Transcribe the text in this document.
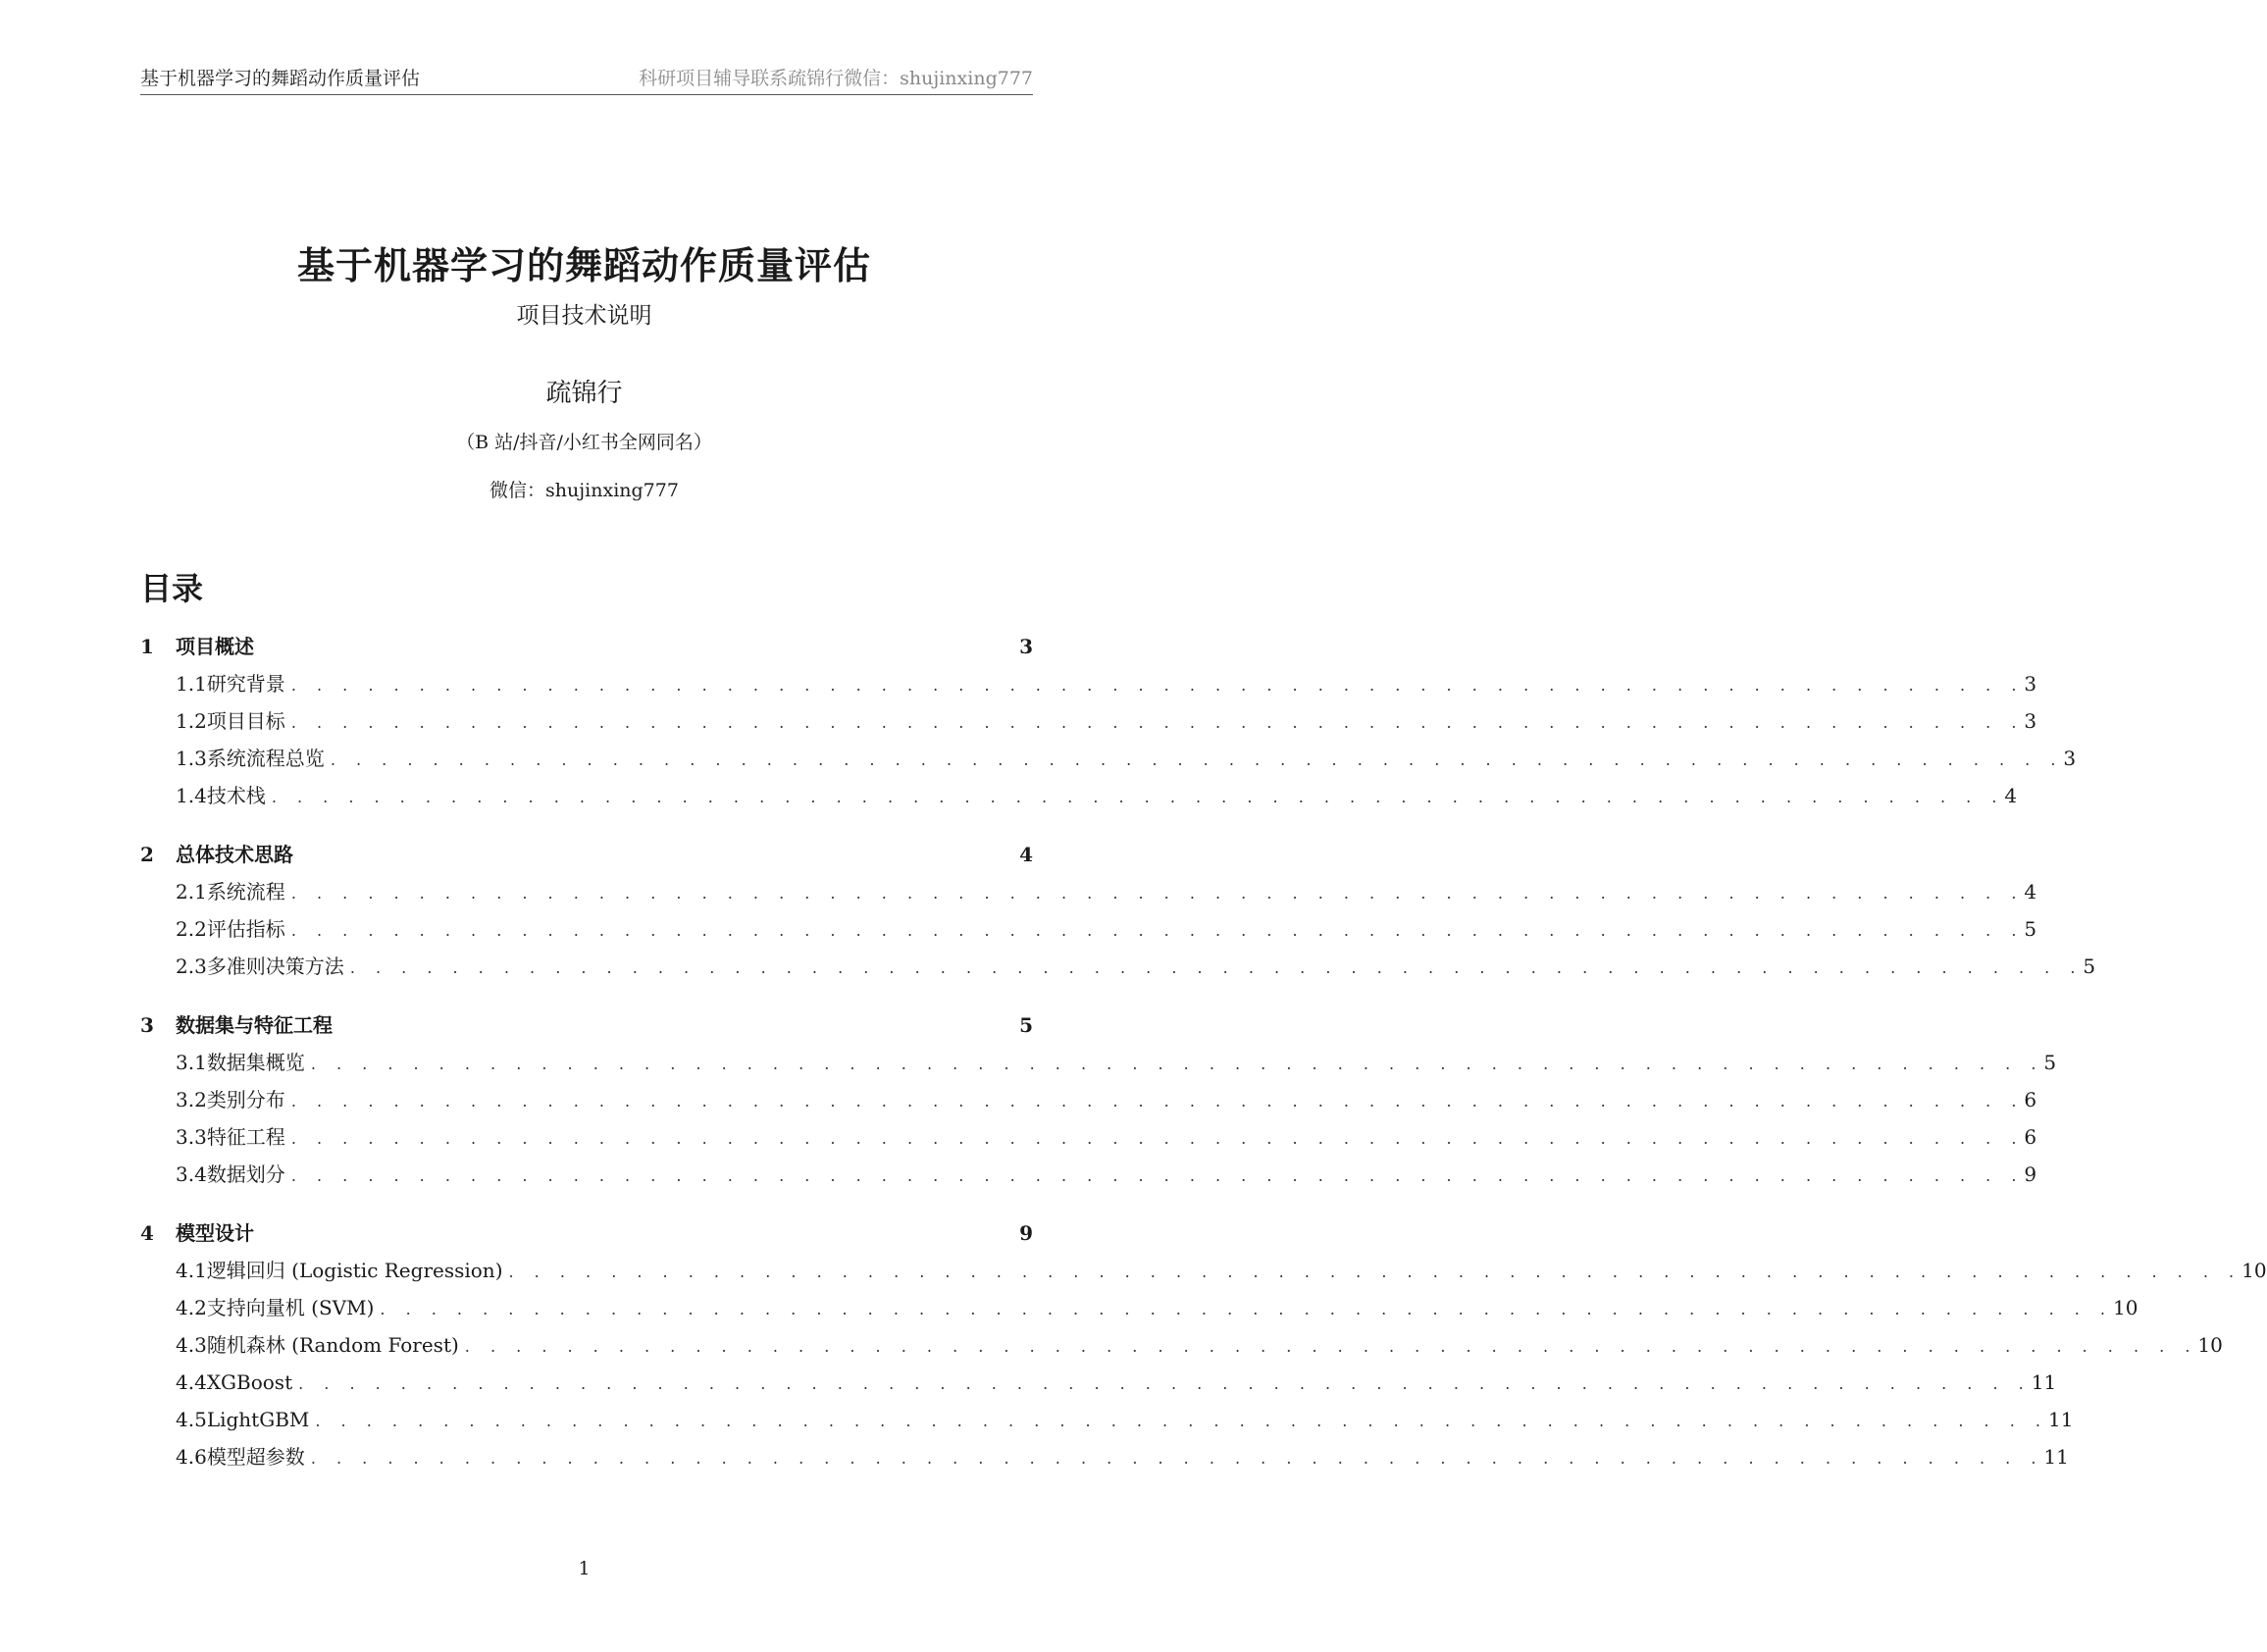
基于机器学习的舞蹈动作质量评估	科研项目辅导联系疏锦行微信：shujinxing777
基于机器学习的舞蹈动作质量评估
项目技术说明
疏锦行
（B 站/抖音/小红书全网同名）
微信：shujinxing777
目录
1	项目概述	3
1.1 研究背景 . . . . . . . . . . . . . . . . . . . . . . . . . . . . . . . . . . . . . . . . . . . . . . . . . . . . . . . . . . . . . . . . . . . . 3
1.2 项目目标 . . . . . . . . . . . . . . . . . . . . . . . . . . . . . . . . . . . . . . . . . . . . . . . . . . . . . . . . . . . . . . . . . . . . 3
1.3 系统流程总览 . . . . . . . . . . . . . . . . . . . . . . . . . . . . . . . . . . . . . . . . . . . . . . . . . . . . . . . . . . . . . . . . . . . . 3
1.4 技术栈 . . . . . . . . . . . . . . . . . . . . . . . . . . . . . . . . . . . . . . . . . . . . . . . . . . . . . . . . . . . . . . . . . . . . 4
2	总体技术思路	4
2.1 系统流程 . . . . . . . . . . . . . . . . . . . . . . . . . . . . . . . . . . . . . . . . . . . . . . . . . . . . . . . . . . . . . . . . . . . . 4
2.2 评估指标 . . . . . . . . . . . . . . . . . . . . . . . . . . . . . . . . . . . . . . . . . . . . . . . . . . . . . . . . . . . . . . . . . . . . 5
2.3 多准则决策方法 . . . . . . . . . . . . . . . . . . . . . . . . . . . . . . . . . . . . . . . . . . . . . . . . . . . . . . . . . . . . . . . . . . . . 5
3	数据集与特征工程	5
3.1 数据集概览 . . . . . . . . . . . . . . . . . . . . . . . . . . . . . . . . . . . . . . . . . . . . . . . . . . . . . . . . . . . . . . . . . . . . 5
3.2 类别分布 . . . . . . . . . . . . . . . . . . . . . . . . . . . . . . . . . . . . . . . . . . . . . . . . . . . . . . . . . . . . . . . . . . . . 6
3.3 特征工程 . . . . . . . . . . . . . . . . . . . . . . . . . . . . . . . . . . . . . . . . . . . . . . . . . . . . . . . . . . . . . . . . . . . . 6
3.4 数据划分 . . . . . . . . . . . . . . . . . . . . . . . . . . . . . . . . . . . . . . . . . . . . . . . . . . . . . . . . . . . . . . . . . . . . 9
4	模型设计	9
4.1 逻辑回归 (Logistic Regression) . . . . . . . . . . . . . . . . . . . . . . . . . . . . . . . . . . . . . . . . . . . . . . . . . . . . . . . . . . . . . . . . . . . . 10
4.2 支持向量机 (SVM) . . . . . . . . . . . . . . . . . . . . . . . . . . . . . . . . . . . . . . . . . . . . . . . . . . . . . . . . . . . . . . . . . . . . 10
4.3 随机森林 (Random Forest) . . . . . . . . . . . . . . . . . . . . . . . . . . . . . . . . . . . . . . . . . . . . . . . . . . . . . . . . . . . . . . . . . . . . 10
4.4 XGBoost . . . . . . . . . . . . . . . . . . . . . . . . . . . . . . . . . . . . . . . . . . . . . . . . . . . . . . . . . . . . . . . . . . . . 11
4.5 LightGBM . . . . . . . . . . . . . . . . . . . . . . . . . . . . . . . . . . . . . . . . . . . . . . . . . . . . . . . . . . . . . . . . . . . . 11
4.6 模型超参数 . . . . . . . . . . . . . . . . . . . . . . . . . . . . . . . . . . . . . . . . . . . . . . . . . . . . . . . . . . . . . . . . . . . . 11
1
